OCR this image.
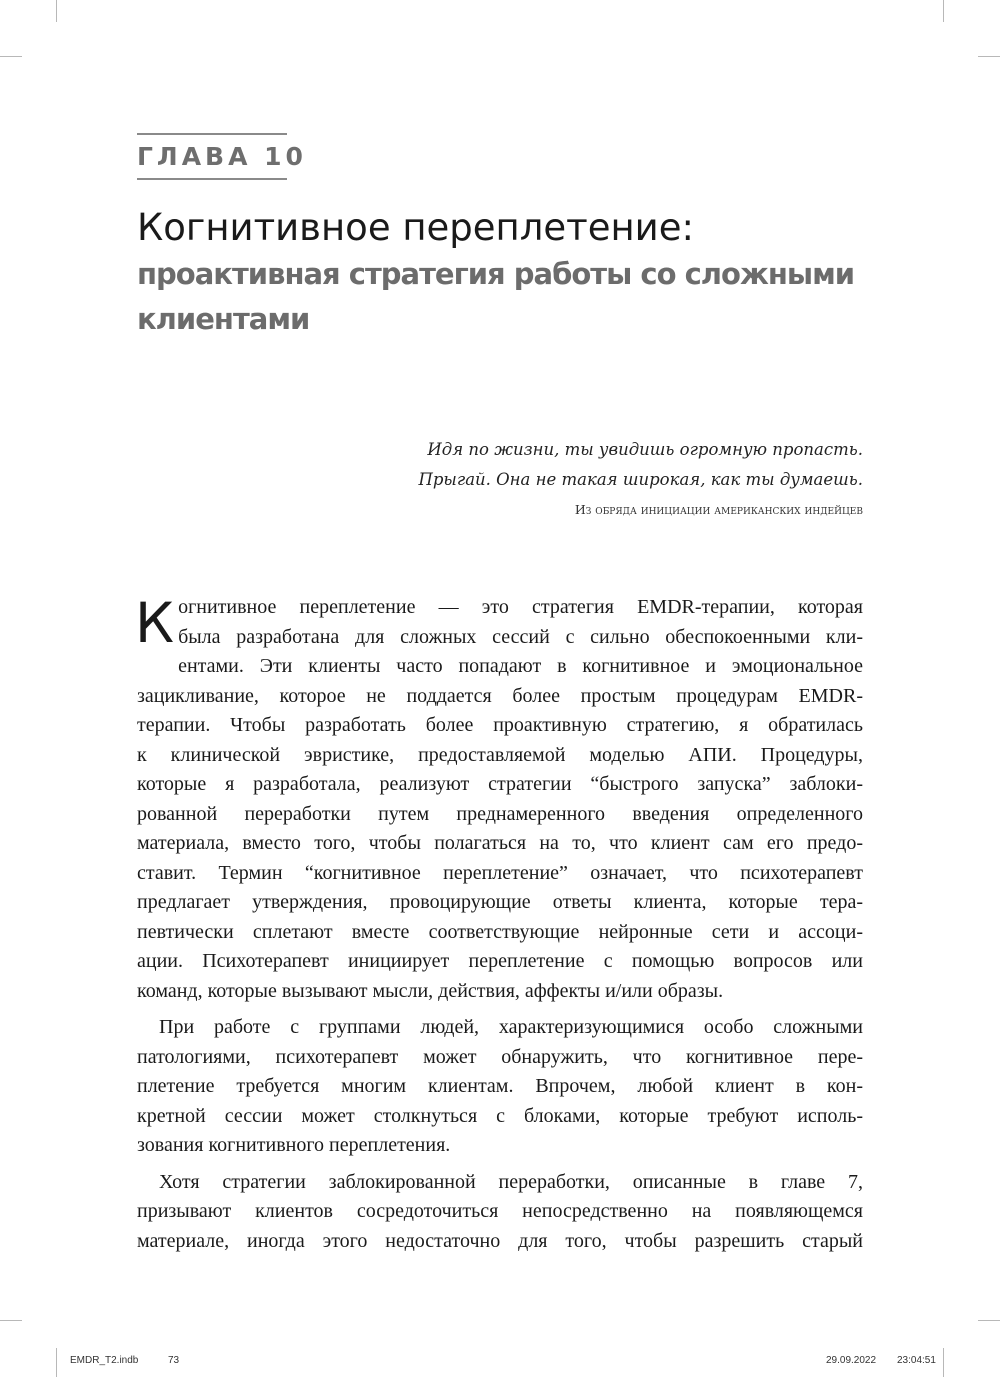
ГЛАВА 10
Когнитивное переплетение:
проактивная стратегия работы со сложными клиентами
Идя по жизни, ты увидишь огромную пропасть.
Прыгай. Она не такая широкая, как ты думаешь.
Из обряда инициации американских индейцев
К огнитивное переплетение — это стратегия EMDR-терапии, которая
была разработана для сложных сессий с сильно обеспокоенными кли-
ентами. Эти клиенты часто попадают в когнитивное и эмоциональное
зацикливание, которое не поддается более простым процедурам EMDR-
терапии. Чтобы разработать более проактивную стратегию, я обратилась
к клинической эвристике, предоставляемой моделью АПИ. Процедуры,
которые я разработала, реализуют стратегии “быстрого запуска” заблоки-
рованной переработки путем преднамеренного введения определенного
материала, вместо того, чтобы полагаться на то, что клиент сам его предо-
ставит. Термин “когнитивное переплетение” означает, что психотерапевт
предлагает утверждения, провоцирующие ответы клиента, которые тера-
певтически сплетают вместе соответствующие нейронные сети и ассоци-
ации. Психотерапевт инициирует переплетение с помощью вопросов или
команд, которые вызывают мысли, действия, аффекты и/или образы.
При работе с группами людей, характеризующимися особо сложными
патологиями, психотерапевт может обнаружить, что когнитивное пере-
плетение требуется многим клиентам. Впрочем, любой клиент в кон-
кретной сессии может столкнуться с блоками, которые требуют исполь-
зования когнитивного переплетения.
Хотя стратегии заблокированной переработки, описанные в главе 7,
призывают клиентов сосредоточиться непосредственно на появляющемся
материале, иногда этого недостаточно для того, чтобы разрешить старый
EMDR_T2.indb	73	29.09.2022 23:04:51
